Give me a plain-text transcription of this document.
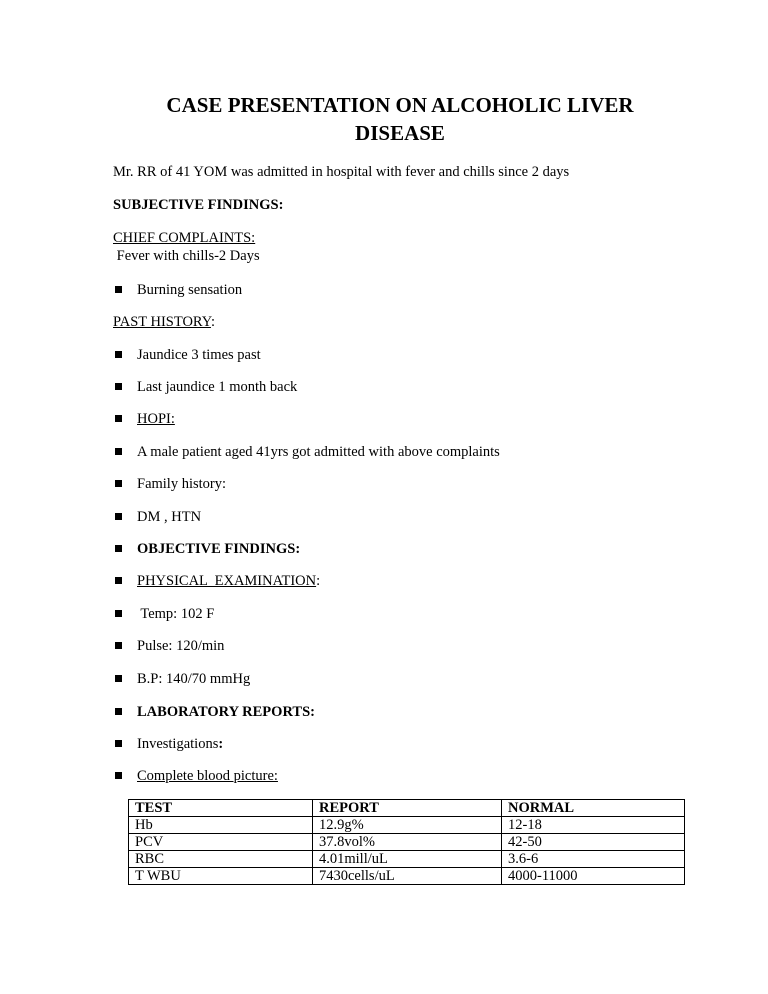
CASE PRESENTATION ON ALCOHOLIC LIVER
DISEASE
Mr. RR of 41 YOM was admitted in hospital with fever and chills since 2 days
SUBJECTIVE FINDINGS:
CHIEF COMPLAINTS:
Fever with chills-2 Days
Burning sensation
PAST HISTORY:
Jaundice 3 times past
Last jaundice 1 month back
HOPI:
A male patient aged 41yrs got admitted with above complaints
Family history:
DM , HTN
OBJECTIVE FINDINGS:
PHYSICAL  EXAMINATION:
Temp: 102 F
Pulse: 120/min
B.P: 140/70 mmHg
LABORATORY REPORTS:
Investigations:
Complete blood picture:
TEST	REPORT	NORMAL
Hb	12.9g%	12-18
PCV	37.8vol%	42-50
RBC	4.01mill/uL	3.6-6
T WBU	7430cells/uL	4000-11000
